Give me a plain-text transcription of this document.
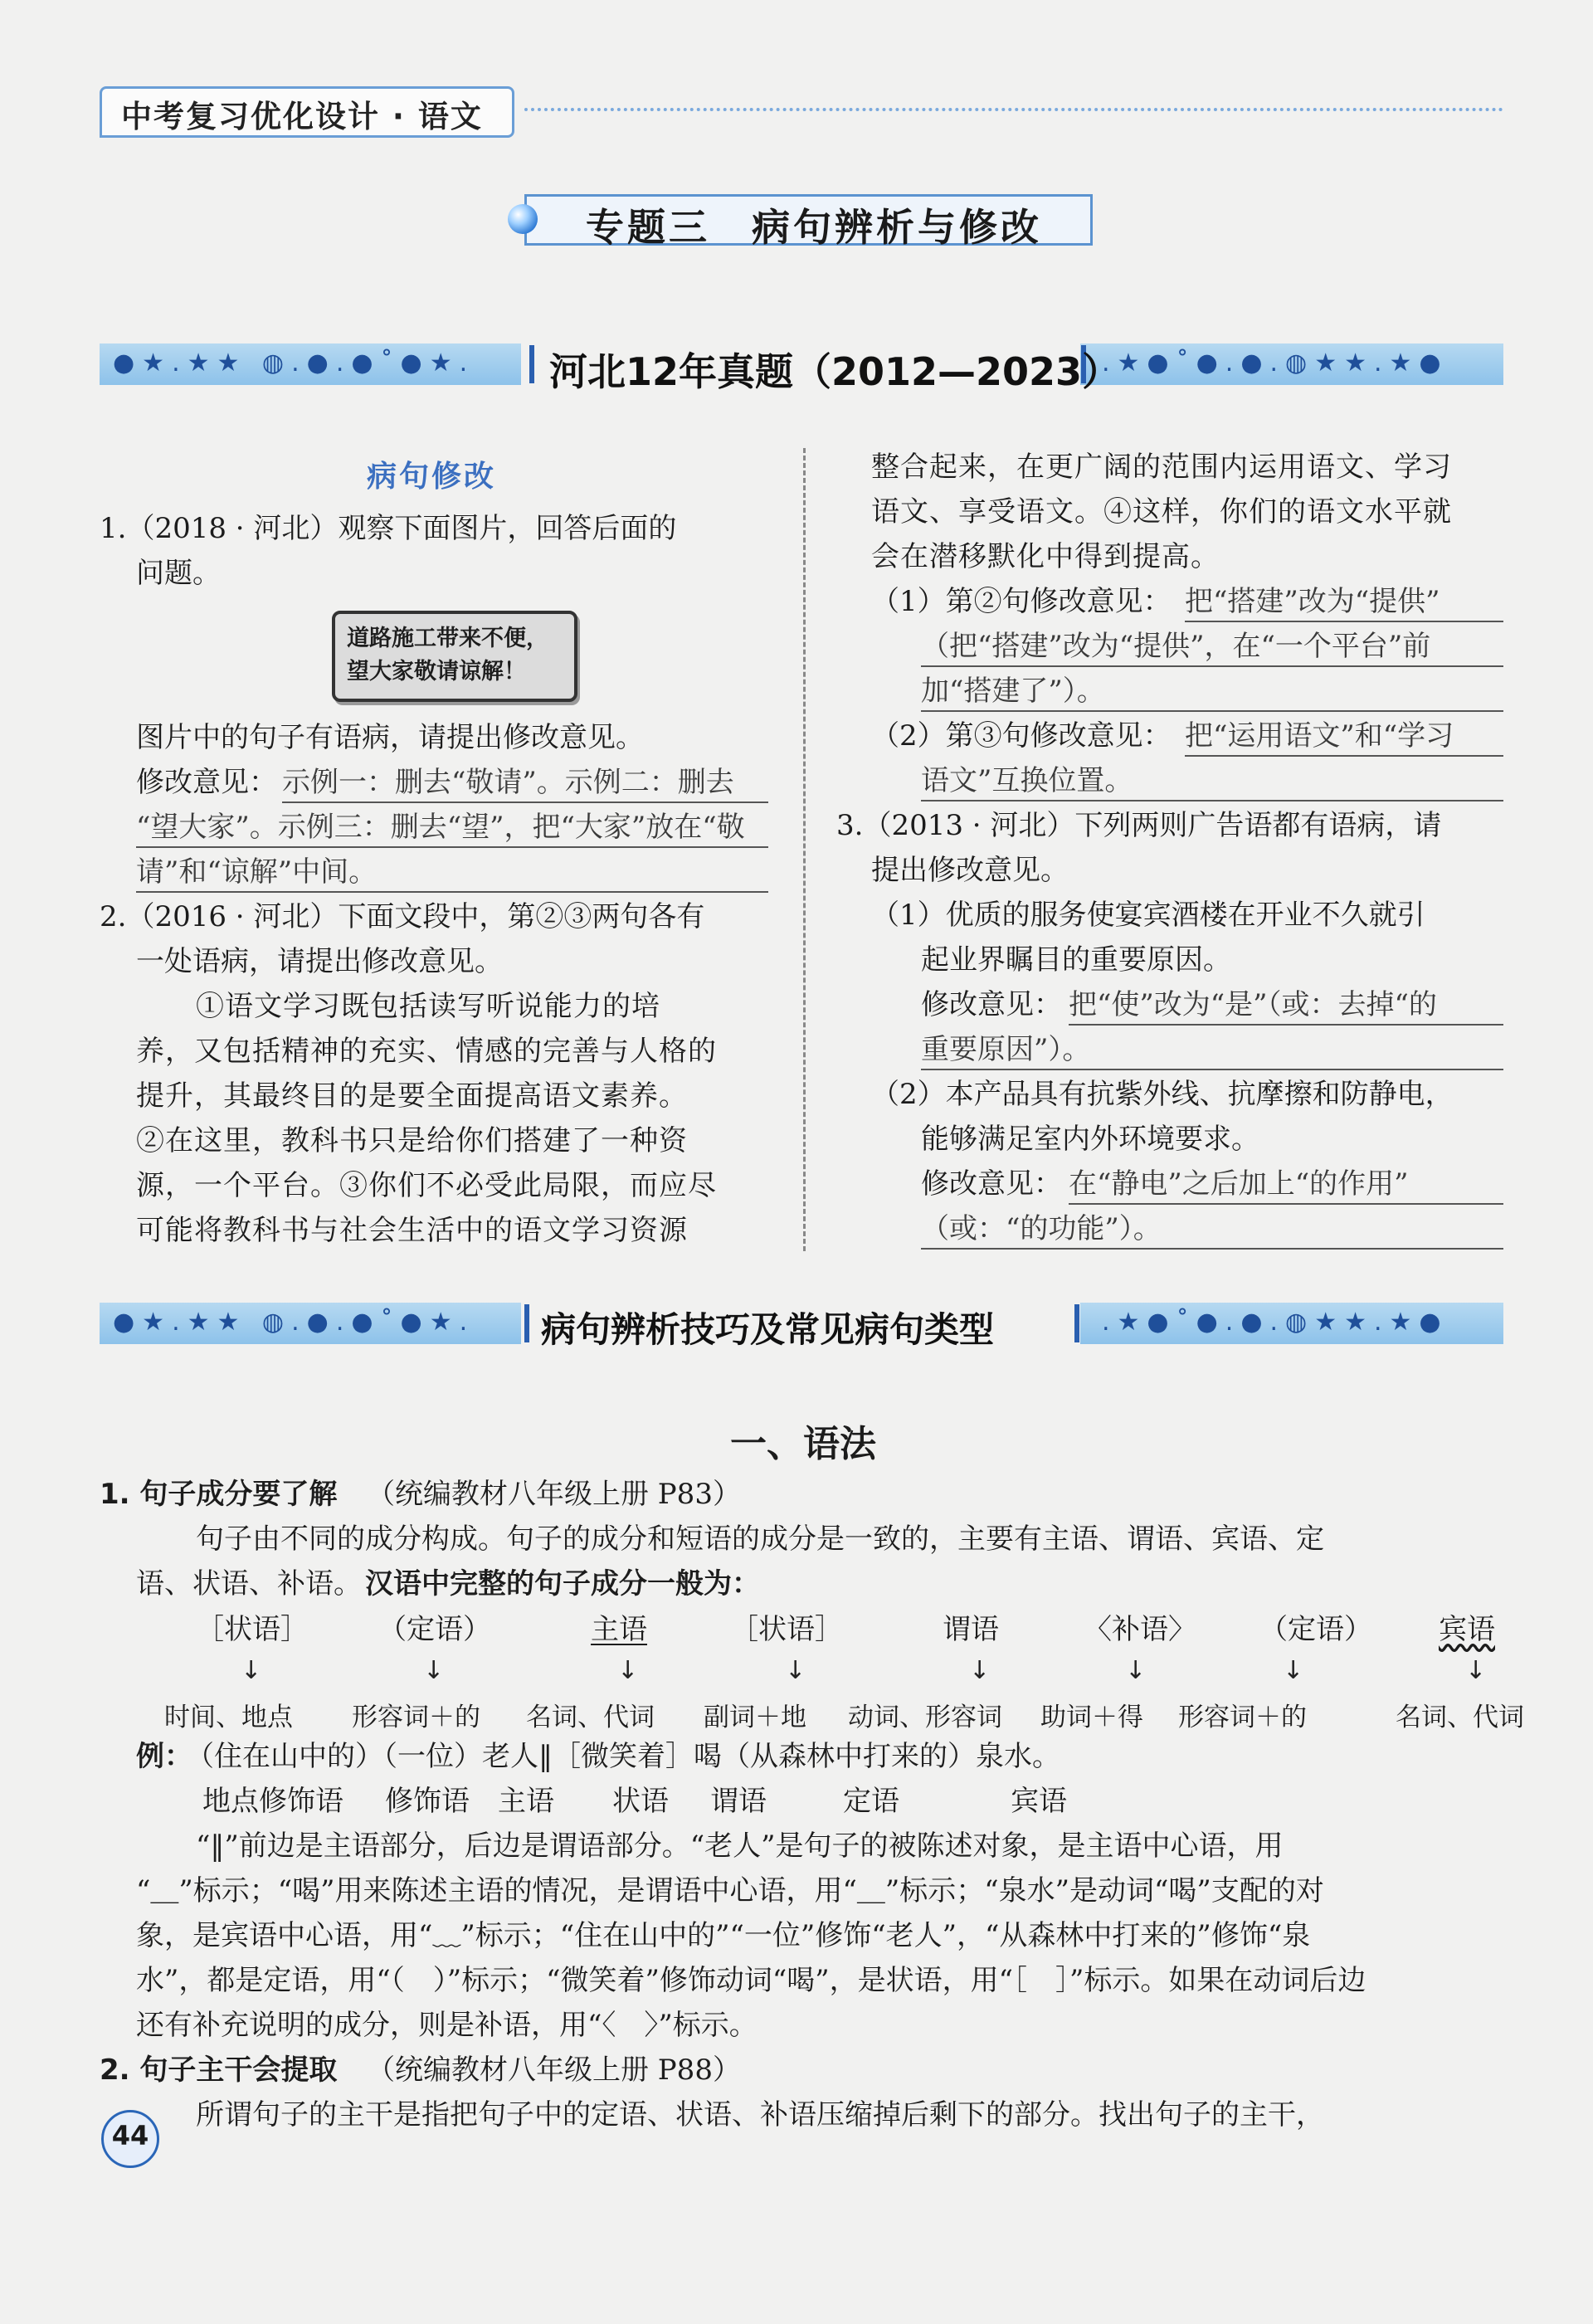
中考复习优化设计 · 语文
专题三　病句辨析与修改
●★.★★ ◍.●.●˚●★.	.★●˚●.●.◍★★.★●
河北12年真题（2012—2023）
病句修改
1.（2018 · 河北）观察下面图片，回答后面的
问题。
道路施工带来不便，
望大家敬请谅解！
图片中的句子有语病，请提出修改意见。
修改意见： 示例一：删去“敬请”。示例二：删去
“望大家”。示例三：删去“望”，把“大家”放在“敬
请”和“谅解”中间。
2.（2016 · 河北）下面文段中，第②③两句各有
一处语病，请提出修改意见。
①语文学习既包括读写听说能力的培
养，又包括精神的充实、情感的完善与人格的
提升，其最终目的是要全面提高语文素养。
②在这里，教科书只是给你们搭建了一种资
源，一个平台。③你们不必受此局限，而应尽
可能将教科书与社会生活中的语文学习资源
整合起来，在更广阔的范围内运用语文、学习
语文、享受语文。④这样，你们的语文水平就
会在潜移默化中得到提高。
（1）第②句修改意见： 把“搭建”改为“提供”
（把“搭建”改为“提供”，在“一个平台”前
加“搭建了”）。
（2）第③句修改意见： 把“运用语文”和“学习
语文”互换位置。
3.（2013 · 河北）下列两则广告语都有语病，请
提出修改意见。
（1）优质的服务使宴宾酒楼在开业不久就引
起业界瞩目的重要原因。
修改意见： 把“使”改为“是”（或：去掉“的
重要原因”）。
（2）本产品具有抗紫外线、抗摩擦和防静电，
能够满足室内外环境要求。
修改意见： 在“静电”之后加上“的作用”
（或：“的功能”）。
●★.★★ ◍.●.●˚●★.	.★●˚●.●.◍★★.★●
病句辨析技巧及常见病句类型
一、语法
1. 句子成分要了解 （统编教材八年级上册 P83）
句子由不同的成分构成。句子的成分和短语的成分是一致的，主要有主语、谓语、宾语、定
语、状语、补语。 汉语中完整的句子成分一般为：
［状语］ （定语）	主语	［状语］	谓语	〈补语〉 （定语） 宾语
↓	↓	↓	↓	↓	↓	↓	↓
时间、地点 形容词＋的 名词、代词 副词＋地 动词、形容词 助词＋得 形容词＋的	名词、代词
例：
（住在山中的）（一位）老人‖［微笑着］喝（从森林中打来的）泉水。
地点修饰语 修饰语 主语 状语 谓语	定语	宾语
“‖”前边是主语部分，后边是谓语部分。“老人”是句子的被陈述对象，是主语中心语，用
“＿”标示；“喝”用来陈述主语的情况，是谓语中心语，用“＿”标示；“泉水”是动词“喝”支配的对
象，是宾语中心语，用“﹏”标示；“住在山中的”“一位”修饰“老人”，“从森林中打来的”修饰“泉
水”，都是定语，用“（　）”标示；“微笑着”修饰动词“喝”，是状语，用“［　］”标示。如果在动词后边
还有补充说明的成分，则是补语，用“〈　〉”标示。
2. 句子主干会提取 （统编教材八年级上册 P88）
所谓句子的主干是指把句子中的定语、状语、补语压缩掉后剩下的部分。找出句子的主干，
44
